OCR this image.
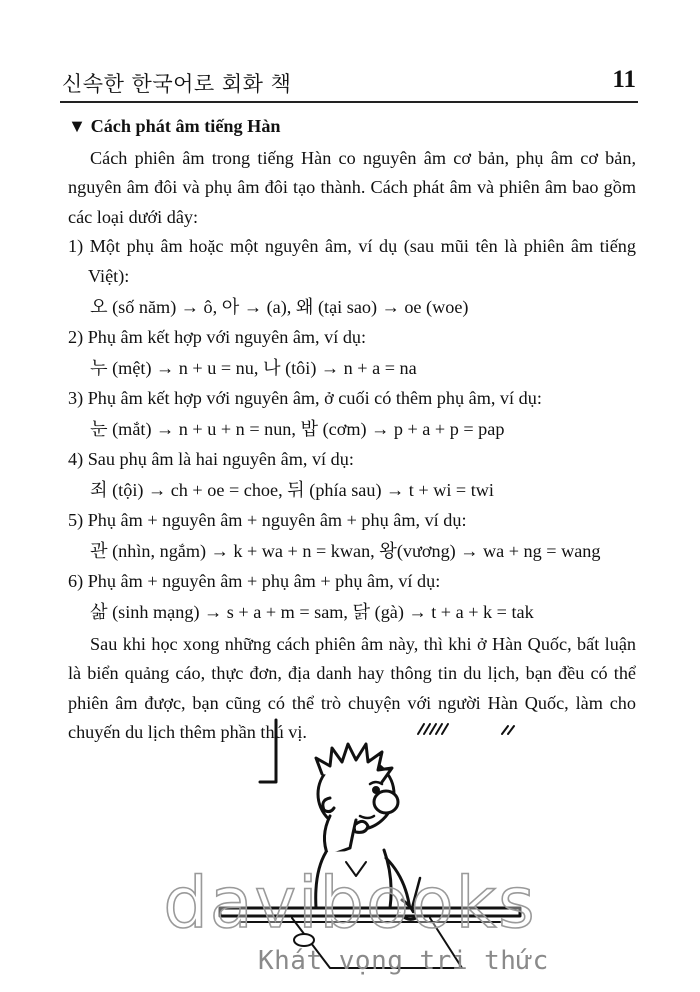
신속한 한국어로 회화 책	11
▼ Cách phát âm tiếng Hàn

Cách phiên âm trong tiếng Hàn co nguyên âm cơ bản, phụ âm cơ bản, nguyên âm đôi và phụ âm đôi tạo thành. Cách phát âm và phiên âm bao gồm các loại dưới dây:

1) Một phụ âm hoặc một nguyên âm, ví dụ (sau mũi tên là phiên âm tiếng Việt):
오 (số năm) → ô, 아 → (a), 왜 (tại sao) → oe (woe)
2) Phụ âm kết hợp với nguyên âm, ví dụ:
누 (mệt) → n + u = nu, 나 (tôi) → n + a = na
3) Phụ âm kết hợp với nguyên âm, ở cuối có thêm phụ âm, ví dụ:
눈 (mắt) → n + u + n = nun, 밥 (cơm) → p + a + p = pap
4) Sau phụ âm là hai nguyên âm, ví dụ:
죄 (tội) → ch + oe = choe, 뒤 (phía sau) → t + wi = twi
5) Phụ âm + nguyên âm + nguyên âm + phụ âm, ví dụ:
관 (nhìn, ngắm) → k + wa + n = kwan, 왕(vương) → wa + ng = wang
6) Phụ âm + nguyên âm + phụ âm + phụ âm, ví dụ:
삶 (sinh mạng) → s + a + m = sam, 닭 (gà) → t + a + k = tak

Sau khi học xong những cách phiên âm này, thì khi ở Hàn Quốc, bất luận là biển quảng cáo, thực đơn, địa danh hay thông tin du lịch, bạn đều có thể phiên âm được, bạn cũng có thể trò chuyện với người Hàn Quốc, làm cho chuyến du lịch thêm phần thú vị.

davibooks
Khát vọng tri thức
